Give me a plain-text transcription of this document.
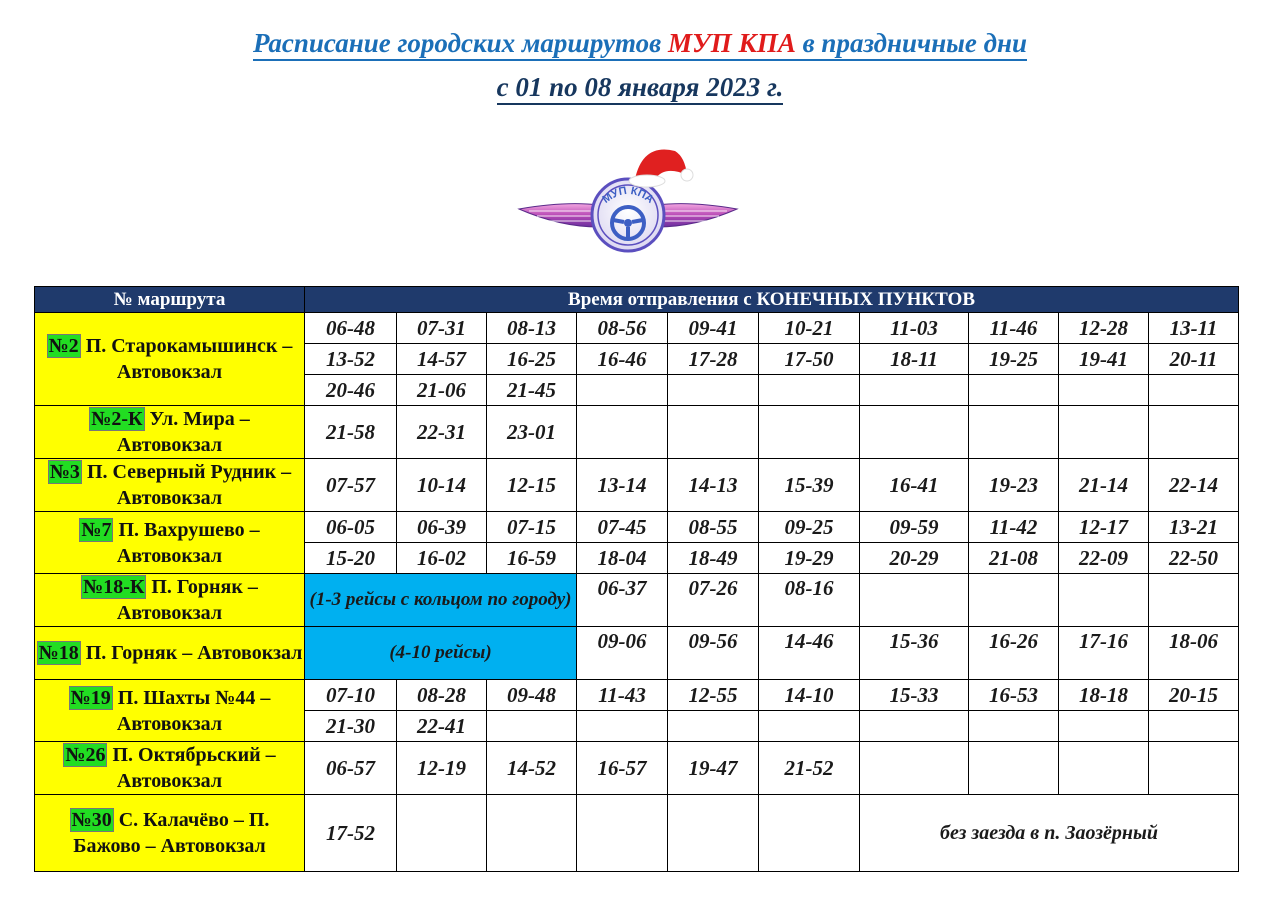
Расписание городских маршрутов МУП КПА в праздничные дни
с 01 по 08 января 2023 г.
МУП КПА
№ маршрута	Время отправления с КОНЕЧНЫХ ПУНКТОВ									
№2 П. Старокамышинск – Автовокзал	06-48	07-31	08-13	08-56	09-41	10-21	11-03	11-46	12-28	13-11
	13-52	14-57	16-25	16-46	17-28	17-50	18-11	19-25	19-41	20-11
	20-46	21-06	21-45							
№2-К Ул. Мира – Автовокзал	21-58	22-31	23-01							
№3 П. Северный Рудник – Автовокзал	07-57	10-14	12-15	13-14	14-13	15-39	16-41	19-23	21-14	22-14
№7 П. Вахрушево – Автовокзал	06-05	06-39	07-15	07-45	08-55	09-25	09-59	11-42	12-17	13-21
	15-20	16-02	16-59	18-04	18-49	19-29	20-29	21-08	22-09	22-50
№18-К П. Горняк – Автовокзал	(1-3 рейсы с кольцом по городу)			06-37	07-26	08-16				
№18 П. Горняк – Автовокзал	(4-10 рейсы)			09-06	09-56	14-46	15-36	16-26	17-16	18-06
№19 П. Шахты №44 – Автовокзал	07-10	08-28	09-48	11-43	12-55	14-10	15-33	16-53	18-18	20-15
	21-30	22-41								
№26 П. Октябрьский – Автовокзал	06-57	12-19	14-52	16-57	19-47	21-52				
№30 С. Калачёво – П. Бажово – Автовокзал	17-52						без заезда в п. Заозёрный			
